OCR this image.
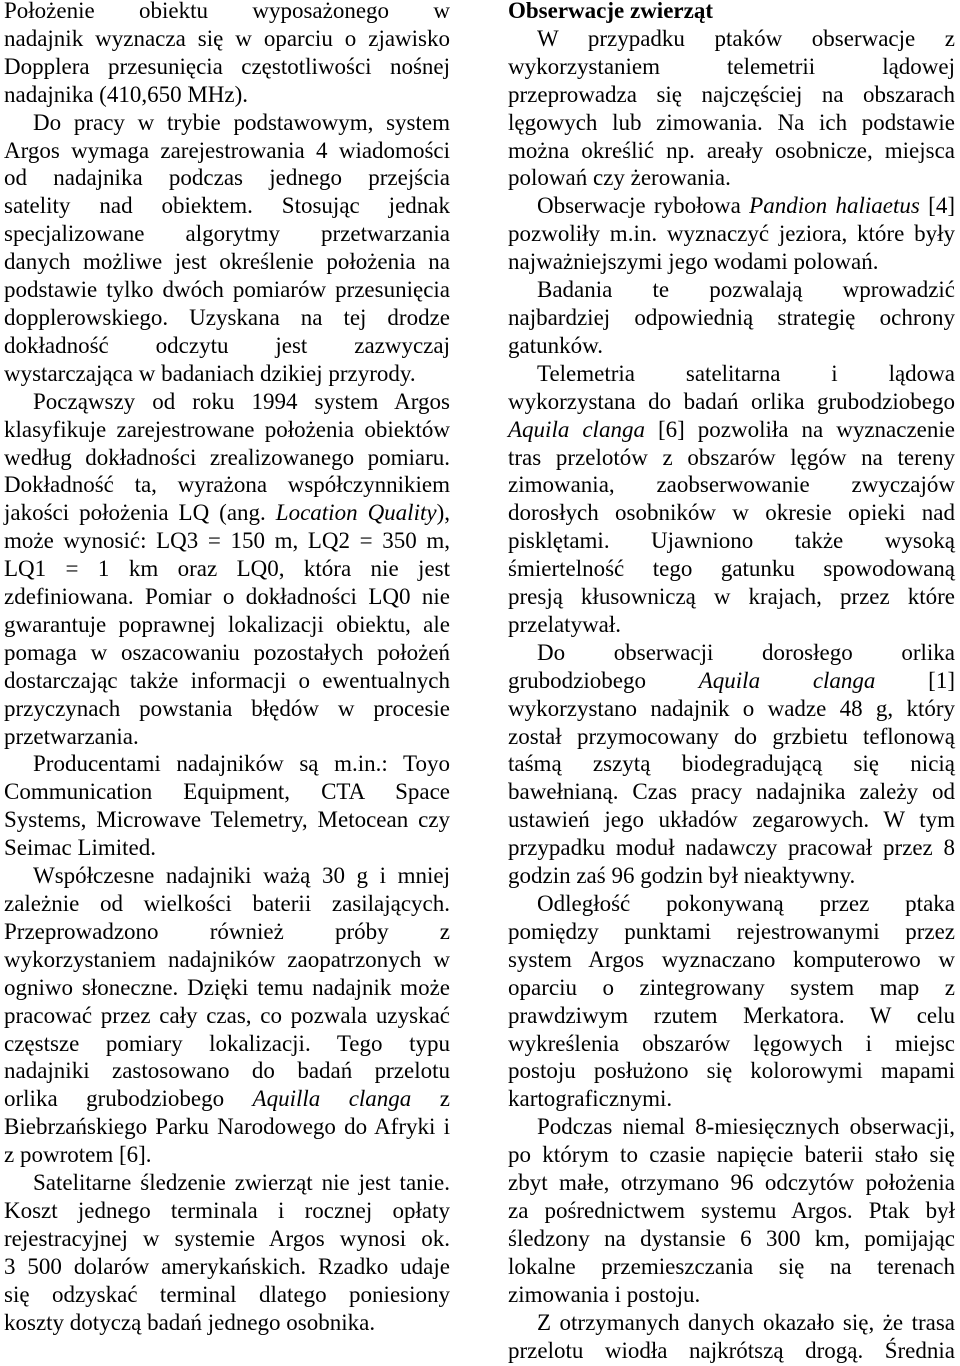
Położenie obiektu wyposażonego w
nadajnik wyznacza się w oparciu o zjawisko
Dopplera przesunięcia częstotliwości nośnej
nadajnika (410,650 MHz).
Do pracy w trybie podstawowym, system
Argos wymaga zarejestrowania 4 wiadomości
od nadajnika podczas jednego przejścia
satelity nad obiektem. Stosując jednak
specjalizowane algorytmy przetwarzania
danych możliwe jest określenie położenia na
podstawie tylko dwóch pomiarów przesunięcia
dopplerowskiego. Uzyskana na tej drodze
dokładność odczytu jest zazwyczaj
wystarczająca w badaniach dzikiej przyrody.
Począwszy od roku 1994 system Argos
klasyfikuje zarejestrowane położenia obiektów
według dokładności zrealizowanego pomiaru.
Dokładność ta, wyrażona współczynnikiem
jakości położenia LQ (ang. Location Quality),
może wynosić: LQ3 = 150 m, LQ2 = 350 m,
LQ1 = 1 km oraz LQ0, która nie jest
zdefiniowana. Pomiar o dokładności LQ0 nie
gwarantuje poprawnej lokalizacji obiektu, ale
pomaga w oszacowaniu pozostałych położeń
dostarczając także informacji o ewentualnych
przyczynach powstania błędów w procesie
przetwarzania.
Producentami nadajników są m.in.: Toyo
Communication Equipment, CTA Space
Systems, Microwave Telemetry, Metocean czy
Seimac Limited.
Współczesne nadajniki ważą 30 g i mniej
zależnie od wielkości baterii zasilających.
Przeprowadzono również próby z
wykorzystaniem nadajników zaopatrzonych w
ogniwo słoneczne. Dzięki temu nadajnik może
pracować przez cały czas, co pozwala uzyskać
częstsze pomiary lokalizacji. Tego typu
nadajniki zastosowano do badań przelotu
orlika grubodziobego Aquilla clanga z
Biebrzańskiego Parku Narodowego do Afryki i
z powrotem [6].
Satelitarne śledzenie zwierząt nie jest tanie.
Koszt jednego terminala i rocznej opłaty
rejestracyjnej w systemie Argos wynosi ok.
3 500 dolarów amerykańskich. Rzadko udaje
się odzyskać terminal dlatego poniesiony
koszty dotyczą badań jednego osobnika.
Obserwacje zwierząt
W przypadku ptaków obserwacje z
wykorzystaniem telemetrii lądowej
przeprowadza się najczęściej na obszarach
lęgowych lub zimowania. Na ich podstawie
można określić np. areały osobnicze, miejsca
polowań czy żerowania.
Obserwacje rybołowa Pandion haliaetus [4]
pozwoliły m.in. wyznaczyć jeziora, które były
najważniejszymi jego wodami polowań.
Badania te pozwalają wprowadzić
najbardziej odpowiednią strategię ochrony
gatunków.
Telemetria satelitarna i lądowa
wykorzystana do badań orlika grubodziobego
Aquila clanga [6] pozwoliła na wyznaczenie
tras przelotów z obszarów lęgów na tereny
zimowania, zaobserwowanie zwyczajów
dorosłych osobników w okresie opieki nad
pisklętami. Ujawniono także wysoką
śmiertelność tego gatunku spowodowaną
presją kłusowniczą w krajach, przez które
przelatywał.
Do obserwacji dorosłego orlika
grubodziobego Aquila clanga [1]
wykorzystano nadajnik o wadze 48 g, który
został przymocowany do grzbietu teflonową
taśmą zszytą biodegradującą się nicią
bawełnianą. Czas pracy nadajnika zależy od
ustawień jego układów zegarowych. W tym
przypadku moduł nadawczy pracował przez 8
godzin zaś 96 godzin był nieaktywny.
Odległość pokonywaną przez ptaka
pomiędzy punktami rejestrowanymi przez
system Argos wyznaczano komputerowo w
oparciu o zintegrowany system map z
prawdziwym rzutem Merkatora. W celu
wykreślenia obszarów lęgowych i miejsc
postoju posłużono się kolorowymi mapami
kartograficznymi.
Podczas niemal 8-miesięcznych obserwacji,
po którym to czasie napięcie baterii stało się
zbyt małe, otrzymano 96 odczytów położenia
za pośrednictwem systemu Argos. Ptak był
śledzony na dystansie 6 300 km, pomijając
lokalne przemieszczania się na terenach
zimowania i postoju.
Z otrzymanych danych okazało się, że trasa
przelotu wiodła najkrótszą drogą. Średnia
